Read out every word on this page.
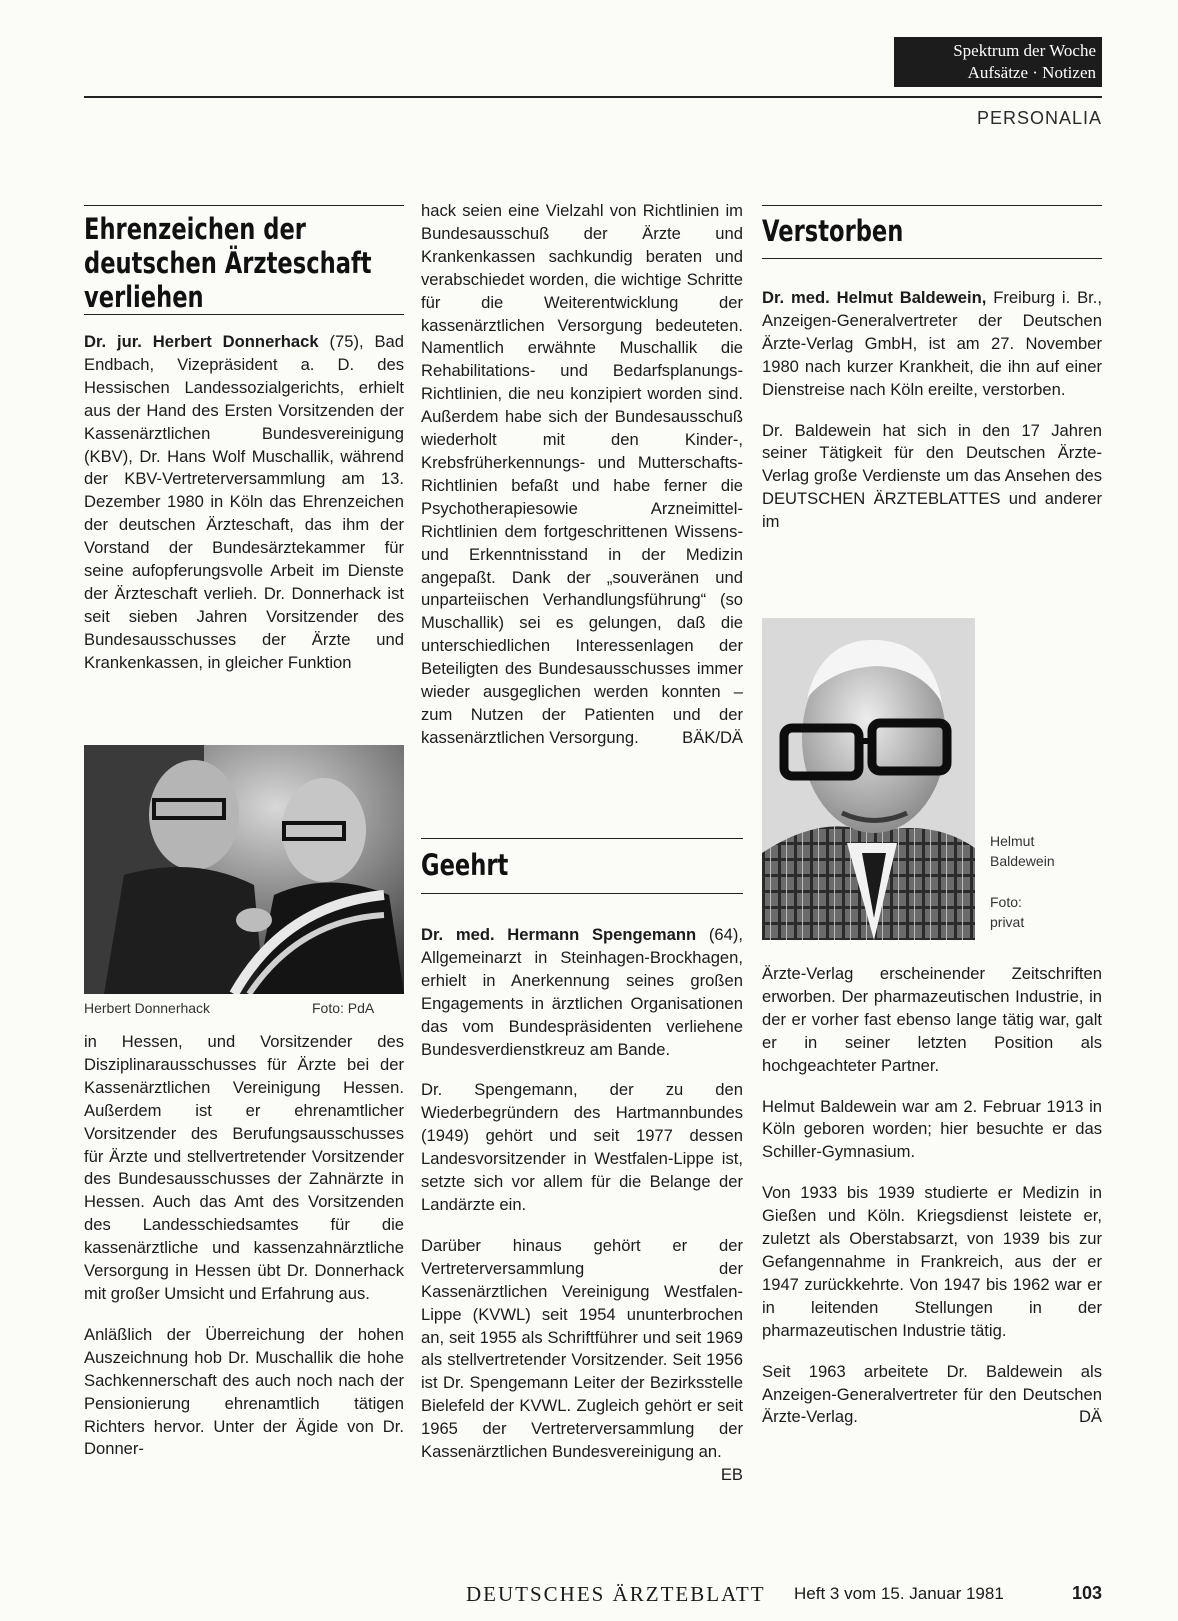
Spektrum der Woche
Aufsätze · Notizen
PERSONALIA
Ehrenzeichen der
deutschen Ärzteschaft
verliehen

Dr. jur. Herbert Donnerhack (75), Bad Endbach, Vizepräsident a. D. des Hessischen Landessozialgerichts, erhielt aus der Hand des Ersten Vorsitzenden der Kassenärztlichen Bundesvereinigung (KBV), Dr. Hans Wolf Muschallik, während der KBV-Vertreterversammlung am 13. Dezember 1980 in Köln das Ehrenzeichen der deutschen Ärzteschaft, das ihm der Vorstand der Bundesärztekammer für seine aufopferungsvolle Arbeit im Dienste der Ärzteschaft verlieh. Dr. Donnerhack ist seit sieben Jahren Vorsitzender des Bundesausschusses der Ärzte und Krankenkassen, in gleicher Funktion

Herbert Donnerhack	Foto: PdA

in Hessen, und Vorsitzender des Disziplinarausschusses für Ärzte bei der Kassenärztlichen Vereinigung Hessen. Außerdem ist er ehrenamtlicher Vorsitzender des Berufungsausschusses für Ärzte und stellvertretender Vorsitzender des Bundesausschusses der Zahnärzte in Hessen. Auch das Amt des Vorsitzenden des Landesschiedsamtes für die kassenärztliche und kassenzahnärztliche Versorgung in Hessen übt Dr. Donnerhack mit großer Umsicht und Erfahrung aus.

Anläßlich der Überreichung der hohen Auszeichnung hob Dr. Muschallik die hohe Sachkennerschaft des auch noch nach der Pensionierung ehrenamtlich tätigen Richters hervor. Unter der Ägide von Dr. Donner-

hack seien eine Vielzahl von Richtlinien im Bundesausschuß der Ärzte und Krankenkassen sachkundig beraten und verabschiedet worden, die wichtige Schritte für die Weiterentwicklung der kassenärztlichen Versorgung bedeuteten. Namentlich erwähnte Muschallik die Rehabilitations- und Bedarfsplanungs-Richtlinien, die neu konzipiert worden sind. Außerdem habe sich der Bundesausschuß wiederholt mit den Kinder-, Krebsfrüherkennungs- und Mutterschafts-Richtlinien befaßt und habe ferner die Psychotherapiesowie Arzneimittel-Richtlinien dem fortgeschrittenen Wissens- und Erkenntnisstand in der Medizin angepaßt. Dank der „souveränen und unparteiischen Verhandlungsführung“ (so Muschallik) sei es gelungen, daß die unterschiedlichen Interessenlagen der Beteiligten des Bundesausschusses immer wieder ausgeglichen werden konnten – zum Nutzen der Patienten und der kassenärztlichen Versorgung.	BÄK/DÄ

Geehrt

Dr. med. Hermann Spengemann (64), Allgemeinarzt in Steinhagen-Brockhagen, erhielt in Anerkennung seines großen Engagements in ärztlichen Organisationen das vom Bundespräsidenten verliehene Bundesverdienstkreuz am Bande.

Dr. Spengemann, der zu den Wiederbegründern des Hartmannbundes (1949) gehört und seit 1977 dessen Landesvorsitzender in Westfalen-Lippe ist, setzte sich vor allem für die Belange der Landärzte ein.

Darüber hinaus gehört er der Vertreterversammlung der Kassenärztlichen Vereinigung Westfalen-Lippe (KVWL) seit 1954 ununterbrochen an, seit 1955 als Schriftführer und seit 1969 als stellvertretender Vorsitzender. Seit 1956 ist Dr. Spengemann Leiter der Bezirksstelle Bielefeld der KVWL. Zugleich gehört er seit 1965 der Vertreterversammlung der Kassenärztlichen Bundesvereinigung an.
EB

Verstorben

Dr. med. Helmut Baldewein, Freiburg i. Br., Anzeigen-Generalvertreter der Deutschen Ärzte-Verlag GmbH, ist am 27. November 1980 nach kurzer Krankheit, die ihn auf einer Dienstreise nach Köln ereilte, verstorben.

Dr. Baldewein hat sich in den 17 Jahren seiner Tätigkeit für den Deutschen Ärzte-Verlag große Verdienste um das Ansehen des DEUTSCHEN ÄRZTEBLATTES und anderer im

Helmut
Baldewein
Foto:
privat

Ärzte-Verlag erscheinender Zeitschriften erworben. Der pharmazeutischen Industrie, in der er vorher fast ebenso lange tätig war, galt er in seiner letzten Position als hochgeachteter Partner.

Helmut Baldewein war am 2. Februar 1913 in Köln geboren worden; hier besuchte er das Schiller-Gymnasium.

Von 1933 bis 1939 studierte er Medizin in Gießen und Köln. Kriegsdienst leistete er, zuletzt als Oberstabsarzt, von 1939 bis zur Gefangennahme in Frankreich, aus der er 1947 zurückkehrte. Von 1947 bis 1962 war er in leitenden Stellungen in der pharmazeutischen Industrie tätig.

Seit 1963 arbeitete Dr. Baldewein als Anzeigen-Generalvertreter für den Deutschen Ärzte-Verlag.	DÄ

DEUTSCHES ÄRZTEBLATT Heft 3 vom 15. Januar 1981	103
